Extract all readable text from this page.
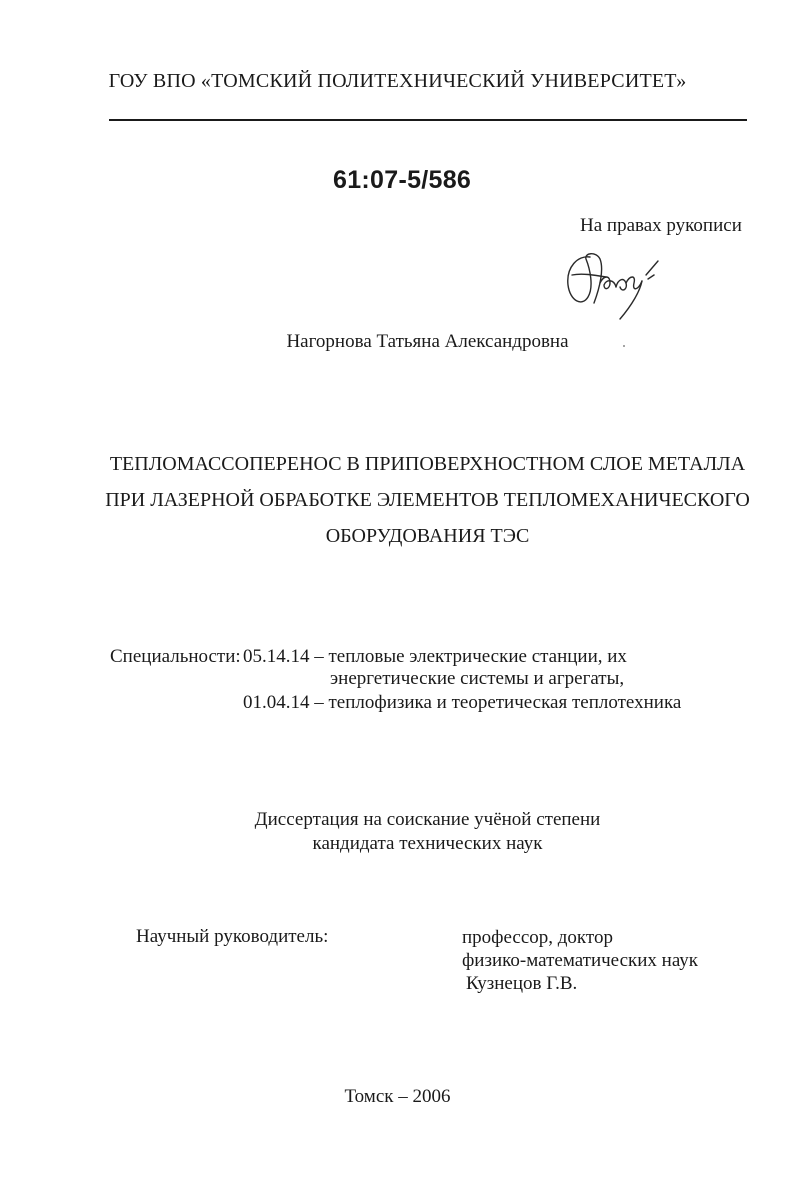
ГОУ ВПО «ТОМСКИЙ ПОЛИТЕХНИЧЕСКИЙ УНИВЕРСИТЕТ»
61:07-5/586
На правах рукописи
Нагорнова Татьяна Александровна
ТЕПЛОМАССОПЕРЕНОС В ПРИПОВЕРХНОСТНОМ СЛОЕ МЕТАЛЛА
ПРИ ЛАЗЕРНОЙ ОБРАБОТКЕ ЭЛЕМЕНТОВ ТЕПЛОМЕХАНИЧЕСКОГО
ОБОРУДОВАНИЯ ТЭС
Специальности: 05.14.14 – тепловые электрические станции, их
энергетические системы и агрегаты,
01.04.14 – теплофизика и теоретическая теплотехника
Диссертация на соискание учёной степени
кандидата технических наук
Научный руководитель:	профессор, доктор
физико-математических наук
Кузнецов Г.В.
Томск – 2006
